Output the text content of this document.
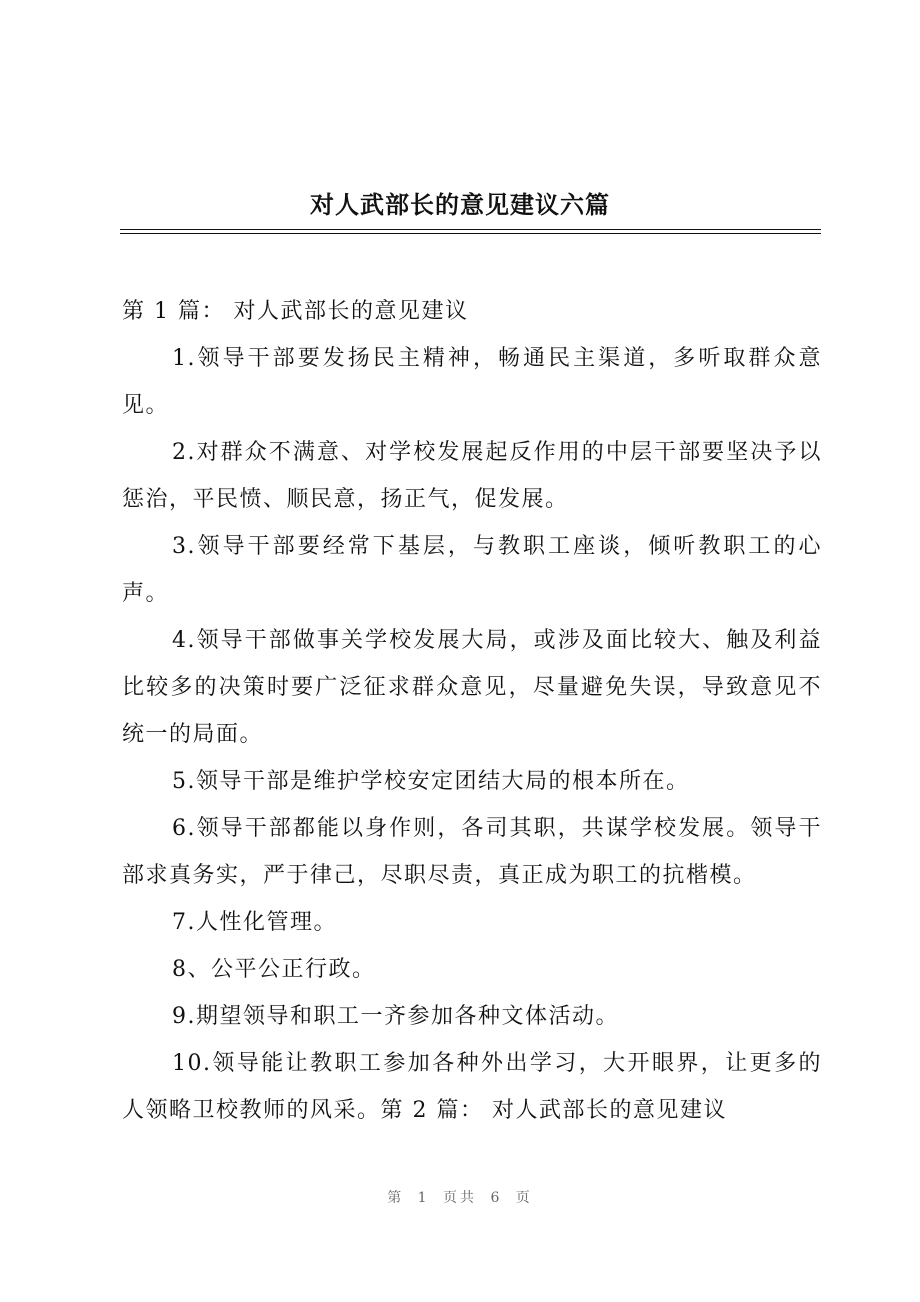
对人武部长的意见建议六篇

第 1 篇： 对人武部长的意见建议

1.领导干部要发扬民主精神，畅通民主渠道，多听取群众意见。

2.对群众不满意、对学校发展起反作用的中层干部要坚决予以惩治，平民愤、顺民意，扬正气，促发展。

3.领导干部要经常下基层，与教职工座谈，倾听教职工的心声。

4.领导干部做事关学校发展大局，或涉及面比较大、触及利益比较多的决策时要广泛征求群众意见，尽量避免失误，导致意见不统一的局面。

5.领导干部是维护学校安定团结大局的根本所在。

6.领导干部都能以身作则，各司其职，共谋学校发展。领导干部求真务实，严于律己，尽职尽责，真正成为职工的抗楷模。

7.人性化管理。

8、公平公正行政。

9.期望领导和职工一齐参加各种文体活动。

10.领导能让教职工参加各种外出学习，大开眼界，让更多的人领略卫校教师的风采。第 2 篇： 对人武部长的意见建议

第 1 页共 6 页
